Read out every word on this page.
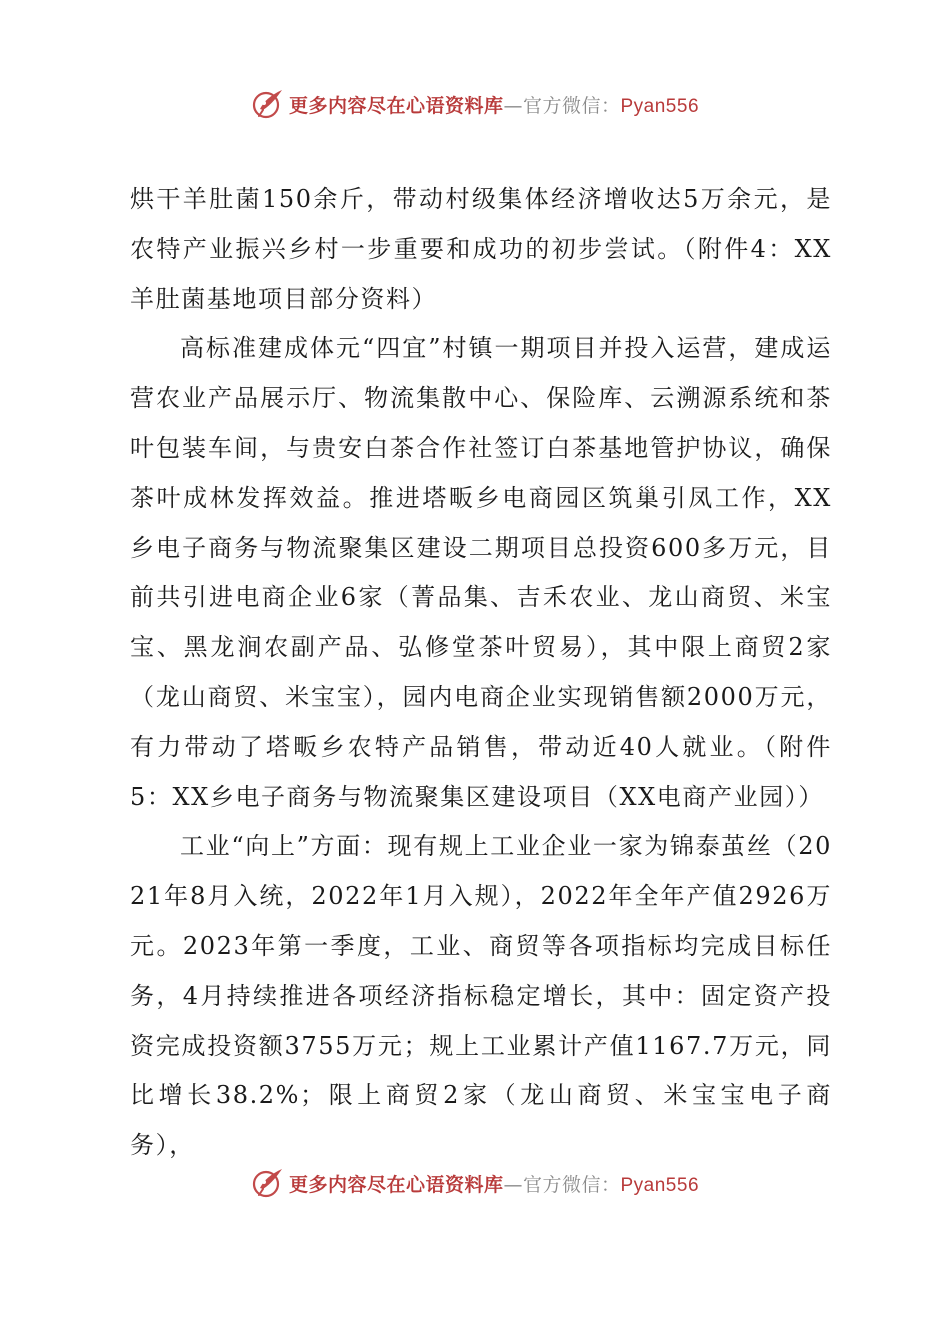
更多内容尽在心语资料库—官方微信：Pyan556

烘干羊肚菌150余斤，带动村级集体经济增收达5万余元，是农特产业振兴乡村一步重要和成功的初步尝试。（附件4：XX羊肚菌基地项目部分资料）

高标准建成体元“四宜”村镇一期项目并投入运营，建成运营农业产品展示厅、物流集散中心、保险库、云溯源系统和茶叶包装车间，与贵安白茶合作社签订白茶基地管护协议，确保茶叶成林发挥效益。推进塔畈乡电商园区筑巢引凤工作，XX乡电子商务与物流聚集区建设二期项目总投资600多万元，目前共引进电商企业6家（菁品集、吉禾农业、龙山商贸、米宝宝、黑龙涧农副产品、弘修堂茶叶贸易），其中限上商贸2家（龙山商贸、米宝宝），园内电商企业实现销售额2000万元，有力带动了塔畈乡农特产品销售，带动近40人就业。（附件5：XX乡电子商务与物流聚集区建设项目（XX电商产业园））

工业“向上”方面：现有规上工业企业一家为锦泰茧丝（2021年8月入统，2022年1月入规），2022年全年产值2926万元。2023年第一季度，工业、商贸等各项指标均完成目标任务，4月持续推进各项经济指标稳定增长，其中：固定资产投资完成投资额3755万元；规上工业累计产值1167.7万元，同比增长38.2%；限上商贸2家（龙山商贸、米宝宝电子商务），

更多内容尽在心语资料库—官方微信：Pyan556
